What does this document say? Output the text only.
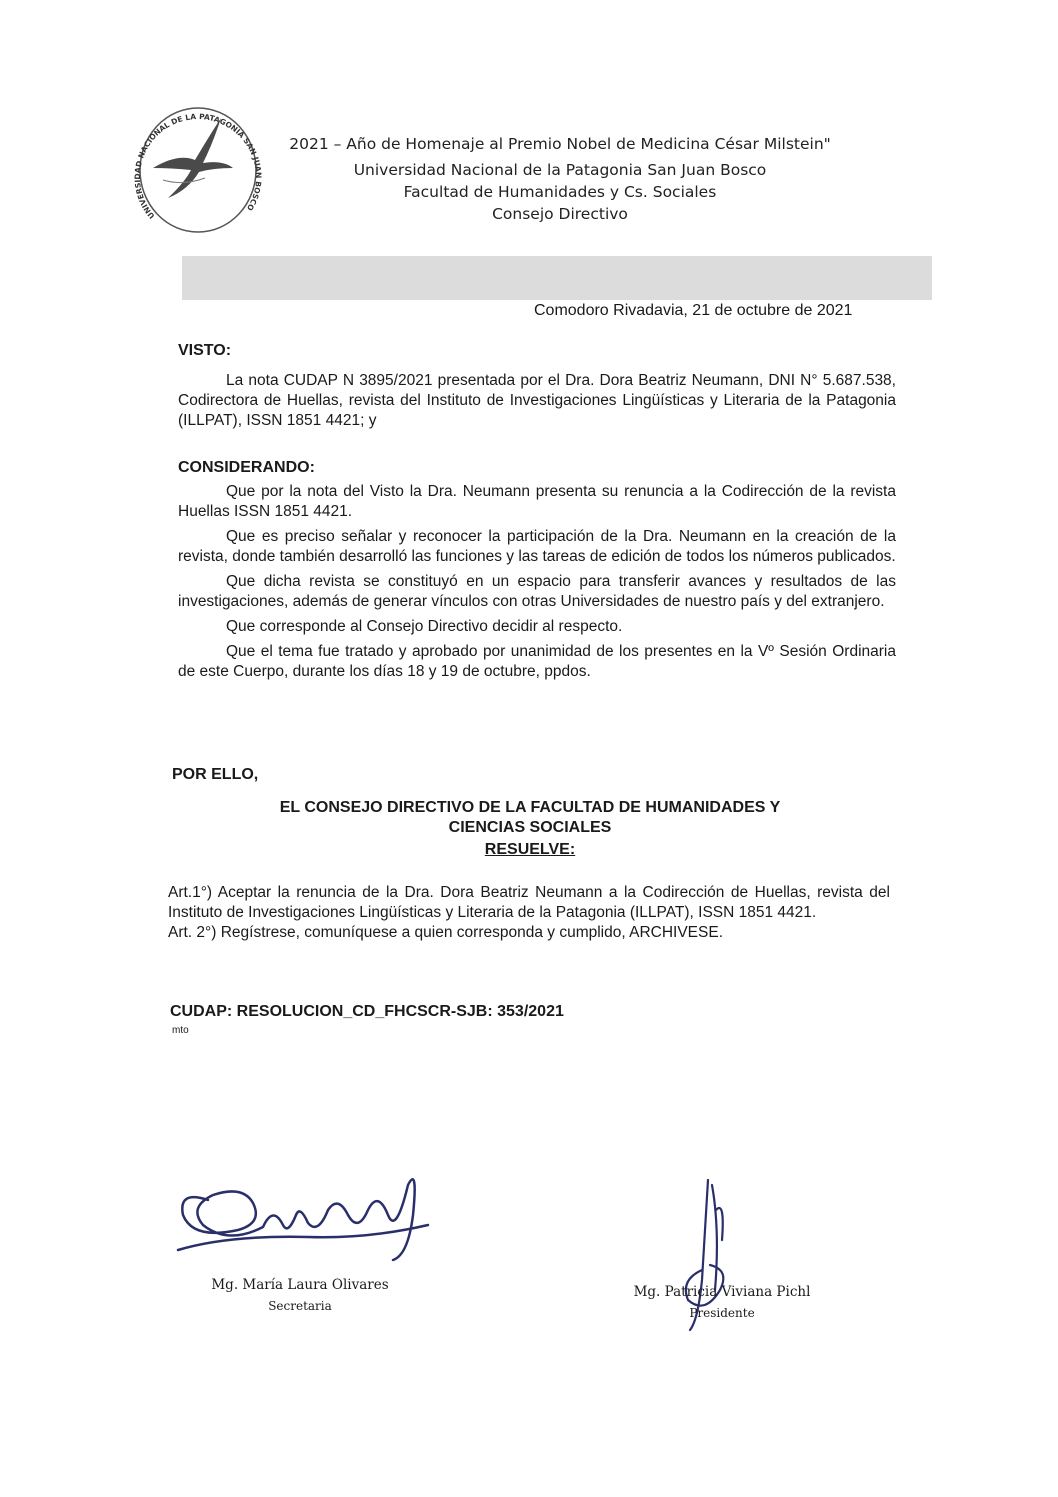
UNIVERSIDAD NACIONAL DE LA PATAGONIA SAN JUAN BOSCO
2021 – Año de Homenaje al Premio Nobel de Medicina César Milstein"
Universidad Nacional de la Patagonia San Juan Bosco
Facultad de Humanidades y Cs. Sociales
Consejo Directivo
Comodoro Rivadavia, 21 de octubre de 2021
VISTO:

La nota CUDAP N 3895/2021 presentada por el Dra. Dora Beatriz Neumann, DNI N° 5.687.538, Codirectora de Huellas, revista del Instituto de Investigaciones Lingüísticas y Literaria de la Patagonia (ILLPAT), ISSN 1851 4421; y

CONSIDERANDO:

Que por la nota del Visto la Dra. Neumann presenta su renuncia a la Codirección de la revista Huellas ISSN 1851 4421.

Que es preciso señalar y reconocer la participación de la Dra. Neumann en la creación de la revista, donde también desarrolló las funciones y las tareas de edición de todos los números publicados.

Que dicha revista se constituyó en un espacio para transferir avances y resultados de las investigaciones, además de generar vínculos con otras Universidades de nuestro país y del extranjero.

Que corresponde al Consejo Directivo decidir al respecto.

Que el tema fue tratado y aprobado por unanimidad de los presentes en la Vº Sesión Ordinaria de este Cuerpo, durante los días 18 y 19 de octubre, ppdos.

POR ELLO,
EL CONSEJO DIRECTIVO DE LA FACULTAD DE HUMANIDADES Y
CIENCIAS SOCIALES
RESUELVE:

Art.1°) Aceptar la renuncia de la Dra. Dora Beatriz Neumann a la Codirección de Huellas, revista del Instituto de Investigaciones Lingüísticas y Literaria de la Patagonia (ILLPAT), ISSN 1851 4421.

Art. 2°) Regístrese, comuníquese a quien corresponda y cumplido, ARCHIVESE.

CUDAP: RESOLUCION_CD_FHCSCR-SJB: 353/2021
mto
Mg. María Laura Olivares
Secretaria
Mg. Patricia Viviana Pichl
Presidente
